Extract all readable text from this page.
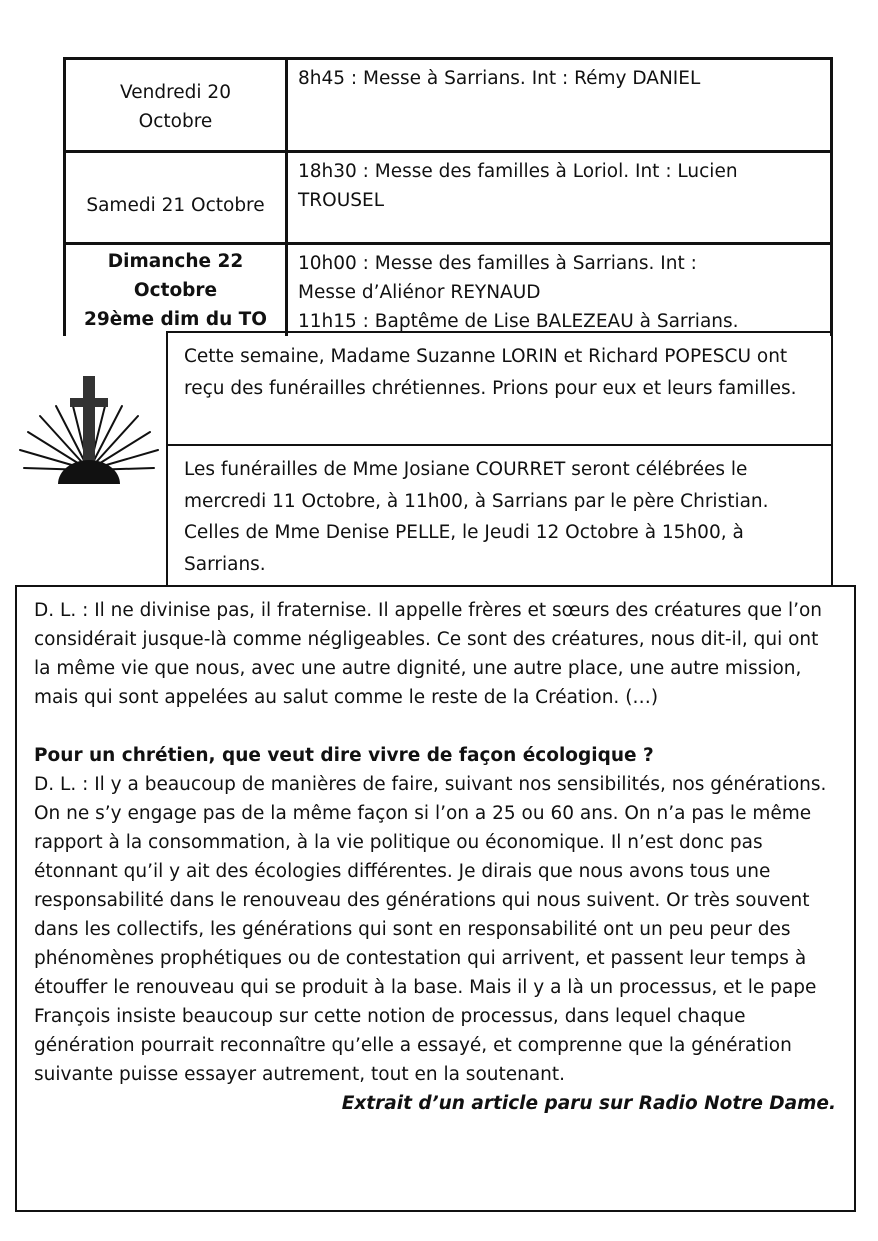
Vendredi 20
Octobre	8h45 : Messe à Sarrians. Int : Rémy DANIEL
Samedi 21 Octobre	18h30 : Messe des familles à Loriol. Int : Lucien TROUSEL
Dimanche 22
Octobre
29ème dim du TO	10h00 : Messe des familles à Sarrians. Int :
Messe d’Aliénor REYNAUD
11h15 : Baptême de Lise BALEZEAU à Sarrians.
Cette semaine, Madame Suzanne LORIN et Richard POPESCU ont reçu des funérailles chrétiennes. Prions pour eux et leurs familles.
Les funérailles de Mme Josiane COURRET seront célébrées le mercredi 11 Octobre, à 11h00, à Sarrians par le père Christian. Celles de Mme Denise PELLE, le Jeudi 12 Octobre à 15h00, à Sarrians.

D. L. : Il ne divinise pas, il fraternise. Il appelle frères et sœurs des créatures que l’on considérait jusque-là comme négligeables. Ce sont des créatures, nous dit-il, qui ont la même vie que nous, avec une autre dignité, une autre place, une autre mission, mais qui sont appelées au salut comme le reste de la Création. (…)

Pour un chrétien, que veut dire vivre de façon écologique ?

D. L. : Il y a beaucoup de manières de faire, suivant nos sensibilités, nos générations. On ne s’y engage pas de la même façon si l’on a 25 ou 60 ans. On n’a pas le même rapport à la consommation, à la vie politique ou économique. Il n’est donc pas étonnant qu’il y ait des écologies différentes. Je dirais que nous avons tous une responsabilité dans le renouveau des générations qui nous suivent. Or très souvent dans les collectifs, les générations qui sont en responsabilité ont un peu peur des phénomènes prophétiques ou de contestation qui arrivent, et passent leur temps à étouffer le renouveau qui se produit à la base. Mais il y a là un processus, et le pape François insiste beaucoup sur cette notion de processus, dans lequel chaque génération pourrait reconnaître qu’elle a essayé, et comprenne que la génération suivante puisse essayer autrement, tout en la soutenant.

Extrait d’un article paru sur Radio Notre Dame.
